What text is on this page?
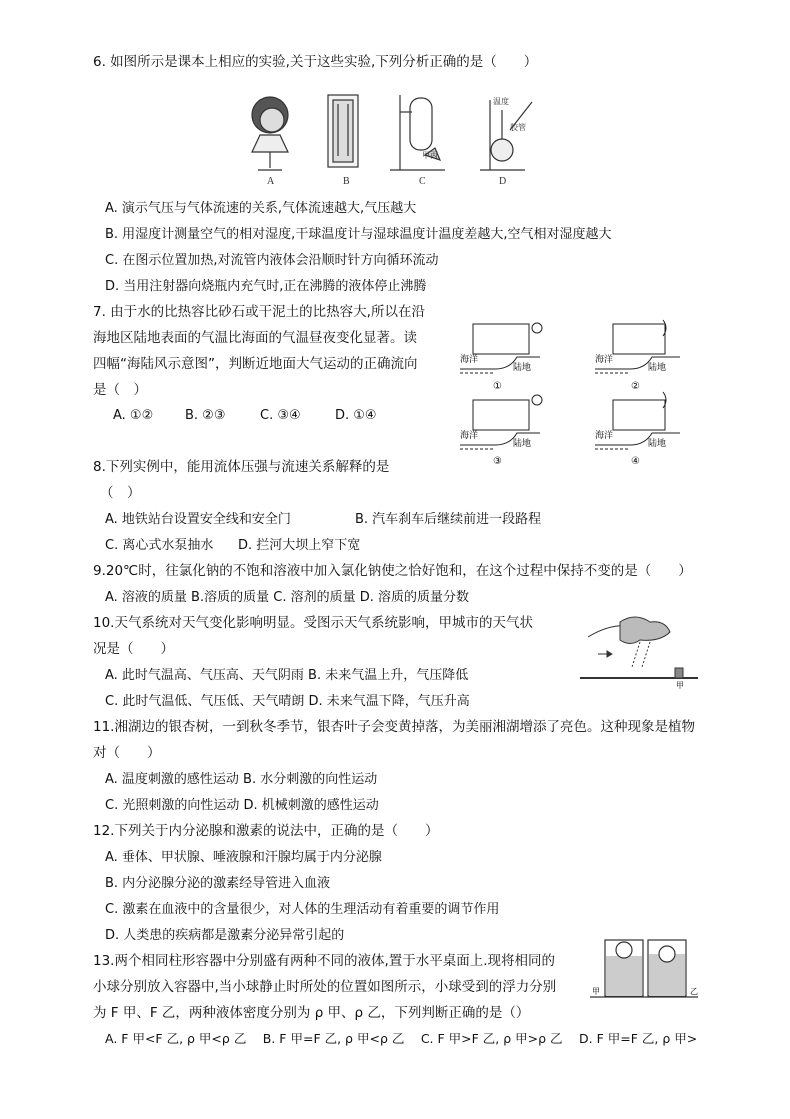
6. 如图所示是课本上相应的实验,关于这些实验,下列分析正确的是（　　）
甲丙
温度
胶管
A	B	C	D
A. 演示气压与气体流速的关系,气体流速越大,气压越大
B. 用湿度计测量空气的相对湿度,干球温度计与湿球温度计温度差越大,空气相对湿度越大
C. 在图示位置加热,对流管内液体会沿顺时针方向循环流动
D. 当用注射器向烧瓶内充气时,正在沸腾的液体停止沸腾
7. 由于水的比热容比砂石或干泥土的比热容大,所以在沿
海地区陆地表面的气温比海面的气温昼夜变化显著。读
四幅“海陆风示意图”，判断近地面大气运动的正确流向
是（　）
A. ①② B. ②③	C. ③④	D. ①④
海洋
陆地
①
海洋
陆地
②
海洋
陆地
③
海洋
陆地
④
8.下列实例中，能用流体压强与流速关系解释的是
（　）
A. 地铁站台设置安全线和安全门	B. 汽车刹车后继续前进一段路程
C. 离心式水泵抽水 D. 拦河大坝上窄下宽
9.20℃时，往氯化钠的不饱和溶液中加入氯化钠使之恰好饱和，在这个过程中保持不变的是（　　）
A. 溶液的质量 B.溶质的质量 C. 溶剂的质量 D. 溶质的质量分数
10.天气系统对天气变化影响明显。受图示天气系统影响，甲城市的天气状
况是（　　）
A. 此时气温高、气压高、天气阴雨 B. 未来气温上升，气压降低
C. 此时气温低、气压低、天气晴朗 D. 未来气温下降，气压升高
甲
11.湘湖边的银杏树，一到秋冬季节，银杏叶子会变黄掉落，为美丽湘湖增添了亮色。这种现象是植物
对（　　）
A. 温度刺激的感性运动 B. 水分刺激的向性运动
C. 光照刺激的向性运动 D. 机械刺激的感性运动
12.下列关于内分泌腺和激素的说法中，正确的是（　　）
A. 垂体、甲状腺、唾液腺和汗腺均属于内分泌腺
B. 内分泌腺分泌的激素经导管进入血液
C. 激素在血液中的含量很少，对人体的生理活动有着重要的调节作用
D. 人类患的疾病都是激素分泌异常引起的
13.两个相同柱形容器中分别盛有两种不同的液体,置于水平桌面上.现将相同的
小球分别放入容器中,当小球静止时所处的位置如图所示，小球受到的浮力分别
为 F 甲、F 乙，两种液体密度分别为 ρ 甲、ρ 乙，下列判断正确的是（）
A. F 甲<F 乙, ρ 甲<ρ 乙　 B. F 甲=F 乙, ρ 甲<ρ 乙　 C. F 甲>F 乙, ρ 甲>ρ 乙　 D. F 甲=F 乙, ρ 甲>
甲	乙
